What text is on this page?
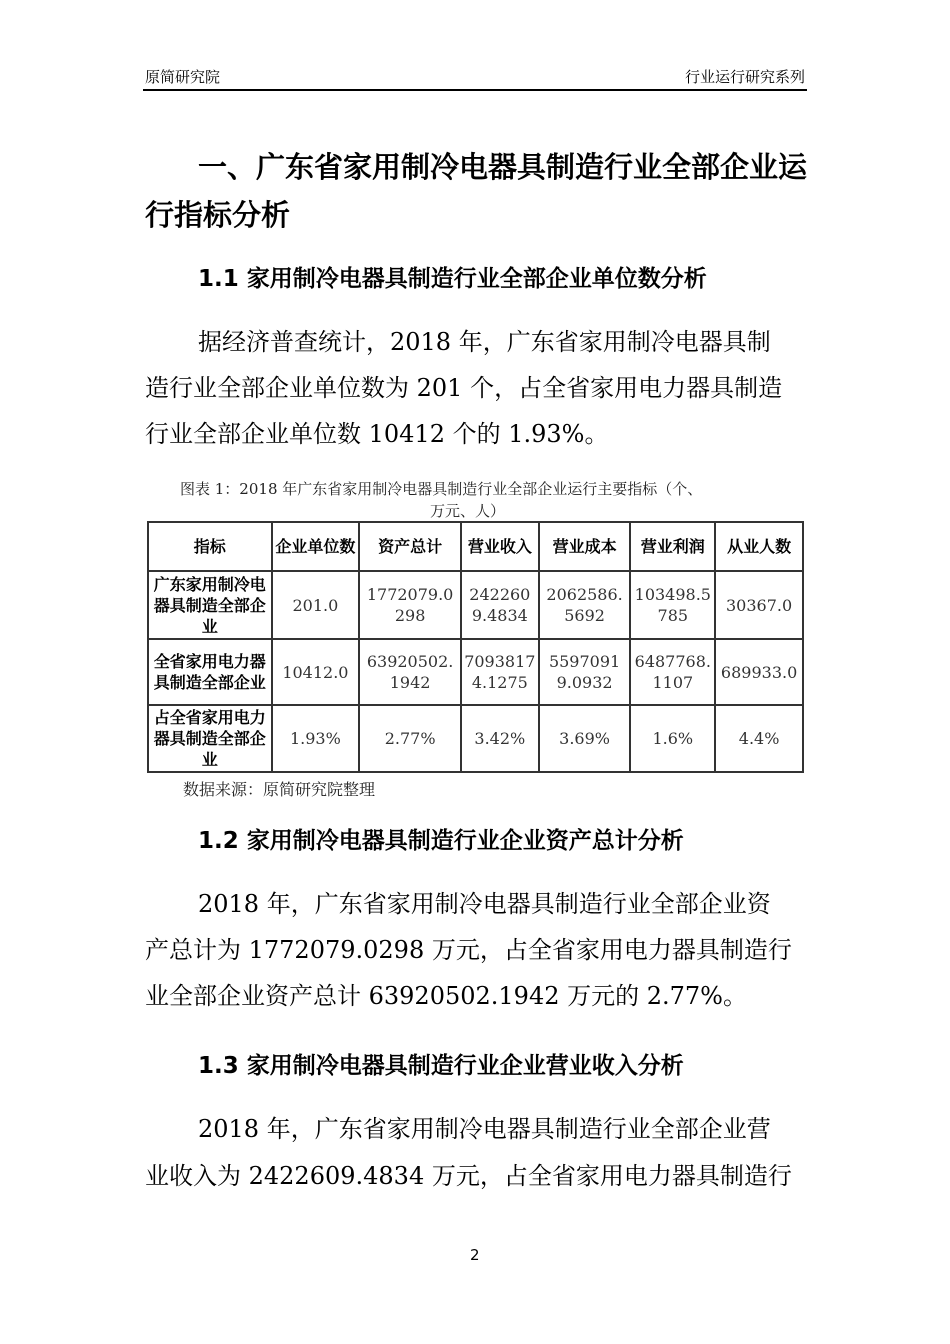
原简研究院	行业运行研究系列
一、广东省家用制冷电器具制造行业全部企业运
行指标分析
1.1 家用制冷电器具制造行业全部企业单位数分析
据经济普查统计，2018 年，广东省家用制冷电器具制
造行业全部企业单位数为 201 个，占全省家用电力器具制造
行业全部企业单位数 10412 个的 1.93%。
图表 1：2018 年广东省家用制冷电器具制造行业全部企业运行主要指标（个、
万元、人）
指标	企业单位数	资产总计	营业收入	营业成本	营业利润	从业人数
广东家用制冷电器具制造全部企业	201.0	1772079.0298	2422609.4834	2062586.5692	103498.5785	30367.0
全省家用电力器具制造全部企业	10412.0	63920502.1942	70938174.1275	55970919.0932	6487768.1107	689933.0
占全省家用电力器具制造全部企业	1.93%	2.77%	3.42%	3.69%	1.6%	4.4%
数据来源：原简研究院整理
1.2 家用制冷电器具制造行业企业资产总计分析
2018 年，广东省家用制冷电器具制造行业全部企业资
产总计为 1772079.0298 万元，占全省家用电力器具制造行
业全部企业资产总计 63920502.1942 万元的 2.77%。
1.3 家用制冷电器具制造行业企业营业收入分析
2018 年，广东省家用制冷电器具制造行业全部企业营
业收入为 2422609.4834 万元，占全省家用电力器具制造行
2
